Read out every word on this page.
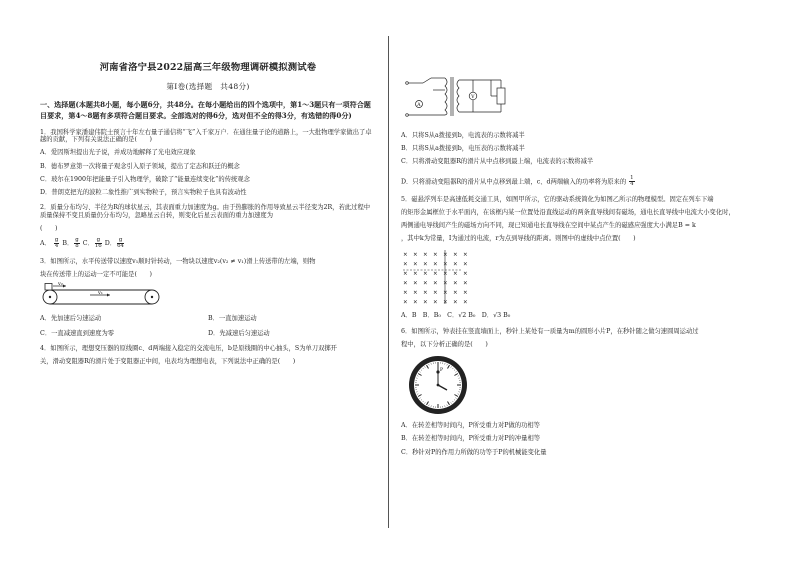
河南省洛宁县2022届高三年级物理调研模拟测试卷
第Ⅰ卷(选择题　共48分)
一、选择题(本题共8小题，每小题6分，共48分。在每小题给出的四个选项中，第1～3题只有一项符合题目要求，第4～8题有多项符合题目要求。全部选对的得6分，选对但不全的得3分，有选错的得0分)
1．我国科学家潘建伟院士预言十年左右量子通信将“飞”入千家万户．在通往量子论的道路上，一大批物理学家做出了卓越的贡献，下列有关说法正确的是(　　)
A．爱因斯坦提出光子说，并成功地解释了光电效应现象
B．德布罗意第一次将量子观念引入原子领域，提出了定态和跃迁的概念
C．玻尔在1900年把能量子引入物理学，破除了“能量连续变化”的传统观念
D．普朗克把光的波粒二象性推广到实物粒子，预言实物粒子也具有波动性
2．质量分布均匀、半径为R的球状星云，其表面重力加速度为g。由于热膨胀的作用导致星云半径变为2R，若此过程中质量保持不变且质量仍分布均匀，忽略星云自转，则变化后星云表面的重力加速度为
(　　)
A． $\frac{g}{4}$ B． $\frac{g}{8}$ C． $\frac{g}{16}$ D． $\frac{g}{64}$
3．如图所示，水平传送带以速度v₁顺时针转动，一物块以速度v₂(v₂ ≠ v₁)滑上传送带的左端，则物
块在传送带上的运动一定不可能是(　　)
v₂
v₁
A．先加速后匀速运动	B．一直加速运动
C．一直减速直到速度为零	D．先减速后匀速运动
4．如图所示，理想变压器的原线圈c、d两端接入稳定的交流电压，b是原线圈的中心抽头，S为单刀双掷开
关，滑动变阻器R的滑片处于变阻器正中间，电表均为理想电表，下列说法中正确的是(　　)
A
V
A．只将S从a拨接到b，电流表的示数将减半
B．只将S从a拨接到b，电压表的示数将减半
C．只将滑动变阻器R的滑片从中点移到最上端，电流表的示数将减半
D．只将滑动变阻器R的滑片从中点移到最上端，c、d两端输入的功率将为原来的 $\frac{1}{4}$
5．磁悬浮列车是高速低耗交通工具，如图甲所示，它的驱动系统简化为如图乙所示的物理模型。固定在列车下端
的矩形金属框位于水平面内，在该框内某一位置处沿直线运动的两条直导线间有磁场，通电长直导线中电流大小变化时，
两侧通电导线间产生的磁场方向不同，现已知通电长直导线在空间中某点产生的磁感应强度大小满足B = k
，其中k为常量，I为通过的电流，r为点到导线的距离。则图中的虚线中点位置(　　)
× × × × × × ×
× × × × × × ×
× × × × × × ×
× × × × × × ×
× × × × × × ×
× × × × × × ×
A．B　B．B₀　C．√2 B₀　D．√3 B₀
6．如图所示，钟表挂在竖直墙面上，秒针上某处有一质量为m的圆形小片P，在秒针随之做匀速圆周运动过
程中，以下分析正确的是(　　)
P
A．在转差相等时间内，P所受重力对P做的功相等
B．在转差相等时间内，P所受重力对P的冲量相等
C．秒针对P的作用力所做的功等于P的机械能变化量
